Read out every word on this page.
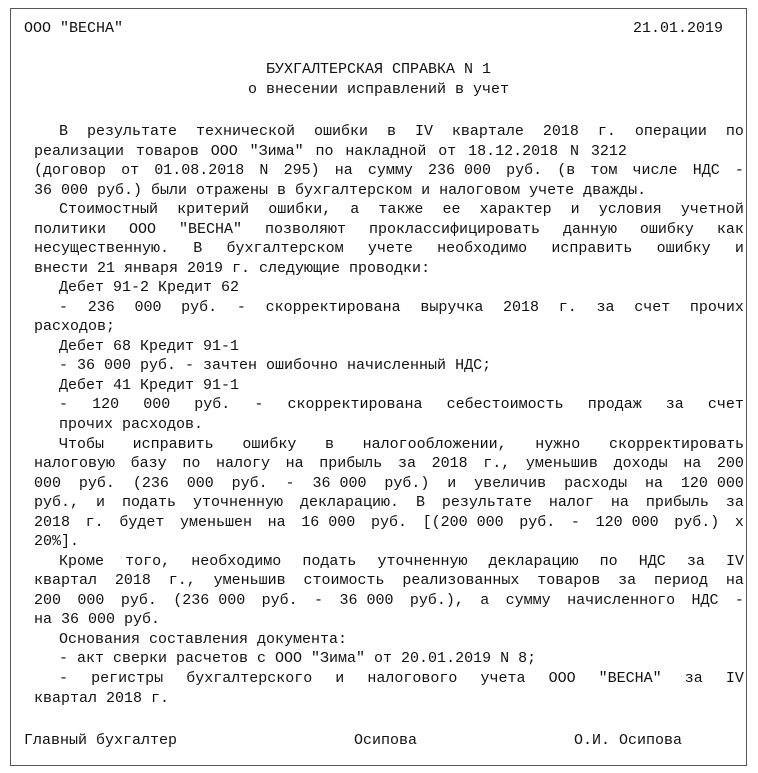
ООО "ВЕСНА"	21.01.2019
БУХГАЛТЕРСКАЯ СПРАВКА N 1
о внесении исправлений в учет
В результате технической ошибки в IV квартале 2018 г. операции по
реализации товаров ООО "Зима" по накладной от 18.12.2018 N 3212
(договор от 01.08.2018 N 295) на сумму 236 000 руб. (в том числе НДС -
36 000 руб.) были отражены в бухгалтерском и налоговом учете дважды.
Стоимостный критерий ошибки, а также ее характер и условия учетной
политики ООО "ВЕСНА" позволяют проклассифицировать данную ошибку как
несущественную. В бухгалтерском учете необходимо исправить ошибку и
внести 21 января 2019 г. следующие проводки:
Дебет 91-2 Кредит 62
- 236 000 руб. - скорректирована выручка 2018 г. за счет прочих
расходов;
Дебет 68 Кредит 91-1
- 36 000 руб. - зачтен ошибочно начисленный НДС;
Дебет 41 Кредит 91-1
- 120 000 руб. - скорректирована себестоимость продаж за счет
прочих расходов.
Чтобы исправить ошибку в налогообложении, нужно скорректировать
налоговую базу по налогу на прибыль за 2018 г., уменьшив доходы на 200
000 руб. (236 000 руб. - 36 000 руб.) и увеличив расходы на 120 000
руб., и подать уточненную декларацию. В результате налог на прибыль за
2018 г. будет уменьшен на 16 000 руб. [(200 000 руб. - 120 000 руб.) x
20%].
Кроме того, необходимо подать уточненную декларацию по НДС за IV
квартал 2018 г., уменьшив стоимость реализованных товаров за период на
200 000 руб. (236 000 руб. - 36 000 руб.), а сумму начисленного НДС -
на 36 000 руб.
Основания составления документа:
- акт сверки расчетов с ООО "Зима" от 20.01.2019 N 8;
- регистры бухгалтерского и налогового учета ООО "ВЕСНА" за IV
квартал 2018 г.
Главный бухгалтер	Осипова	О.И. Осипова
